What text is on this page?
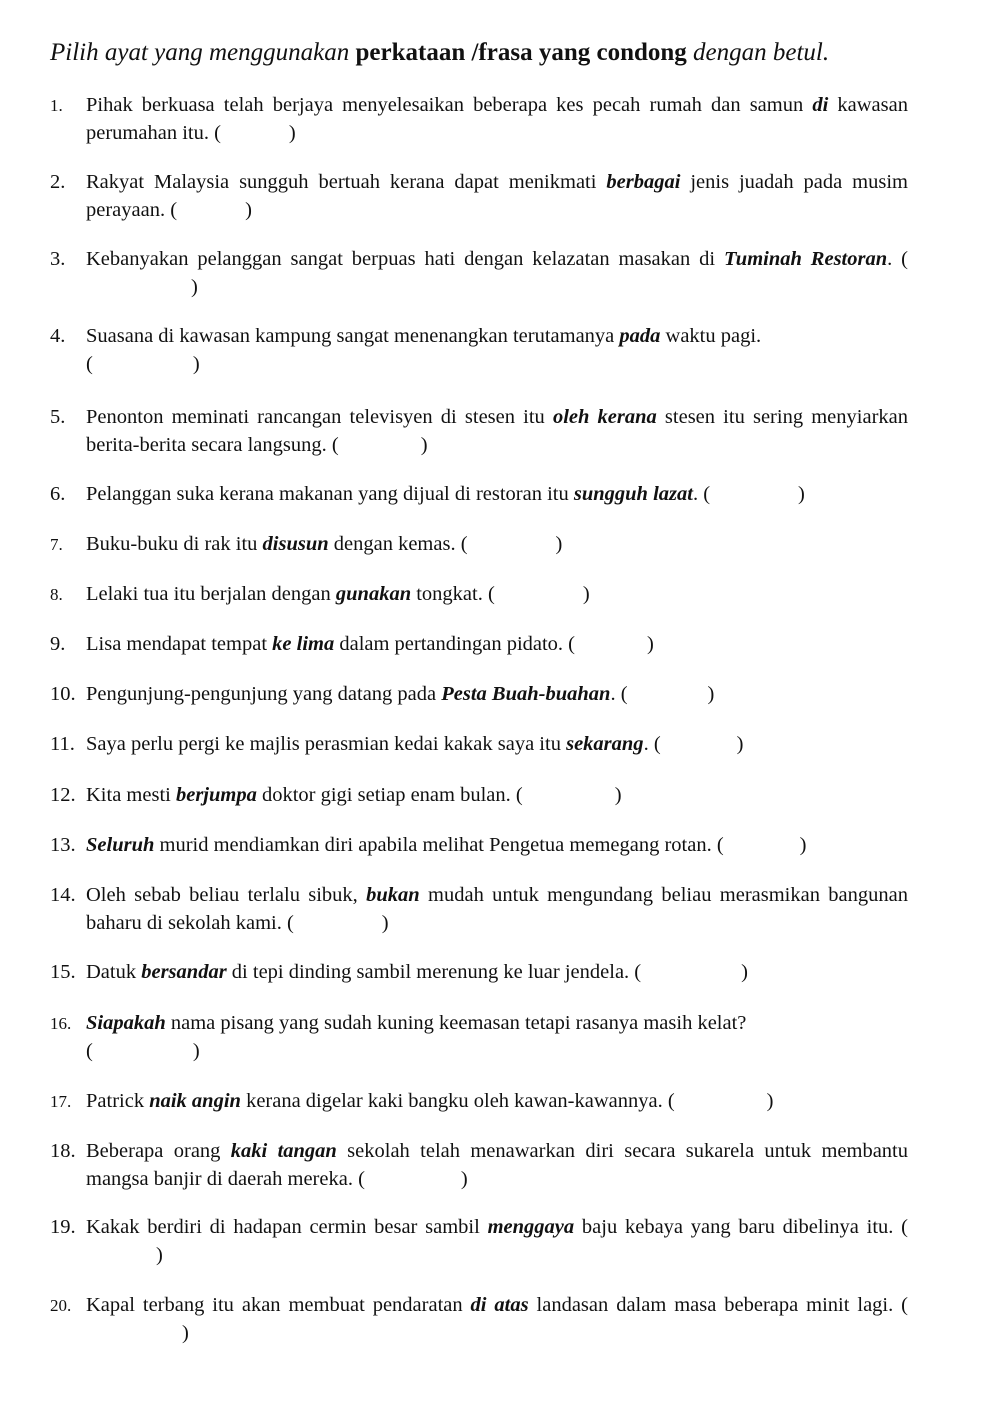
Pilih ayat yang menggunakan perkataan /frasa yang condong dengan betul.
1. Pihak berkuasa telah berjaya menyelesaikan beberapa kes pecah rumah dan samun di kawasan perumahan itu. (	)
2. Rakyat Malaysia sungguh bertuah kerana dapat menikmati berbagai jenis juadah pada musim perayaan. (	)
3. Kebanyakan pelanggan sangat berpuas hati dengan kelazatan masakan di Tuminah Restoran. ()
4. Suasana di kawasan kampung sangat menenangkan terutamanya pada waktu pagi.
(	)
5. Penonton meminati rancangan televisyen di stesen itu oleh kerana stesen itu sering menyiarkan berita-berita secara langsung. (	)
6. Pelanggan suka kerana makanan yang dijual di restoran itu sungguh lazat. (	)
7. Buku-buku di rak itu disusun dengan kemas. (	)
8. Lelaki tua itu berjalan dengan gunakan tongkat. (	)
9. Lisa mendapat tempat ke lima dalam pertandingan pidato. (	)
10. Pengunjung-pengunjung yang datang pada Pesta Buah-buahan. (	)
11. Saya perlu pergi ke majlis perasmian kedai kakak saya itu sekarang. (	)
12. Kita mesti berjumpa doktor gigi setiap enam bulan. (	)
13. Seluruh murid mendiamkan diri apabila melihat Pengetua memegang rotan. (	)
14. Oleh sebab beliau terlalu sibuk, bukan mudah untuk mengundang beliau merasmikan bangunan baharu di sekolah kami. (	)
15. Datuk bersandar di tepi dinding sambil merenung ke luar jendela. (	)
16. Siapakah nama pisang yang sudah kuning keemasan tetapi rasanya masih kelat?
(	)
17. Patrick naik angin kerana digelar kaki bangku oleh kawan-kawannya. (	)
18. Beberapa orang kaki tangan sekolah telah menawarkan diri secara sukarela untuk membantu mangsa banjir di daerah mereka. (	)
19. Kakak berdiri di hadapan cermin besar sambil menggaya baju kebaya yang baru dibelinya itu. ()
20. Kapal terbang itu akan membuat pendaratan di atas landasan dalam masa beberapa minit lagi. ()
